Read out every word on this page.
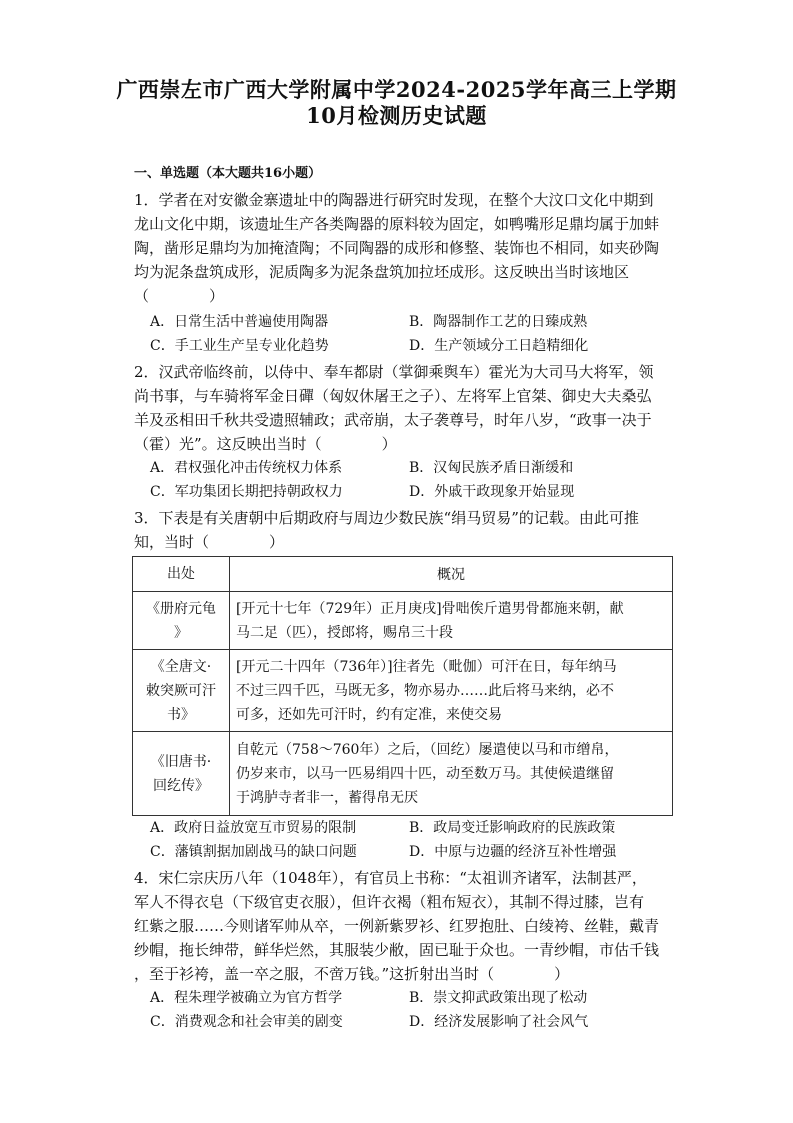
广西崇左市广西大学附属中学2024-2025学年高三上学期
10月检测历史试题
一、单选题（本大题共16小题）
1．学者在对安徽金寨遗址中的陶器进行研究时发现，在整个大汶口文化中期到
龙山文化中期，该遗址生产各类陶器的原料较为固定，如鸭嘴形足鼎均属于加蚌
陶，凿形足鼎均为加掩渣陶；不同陶器的成形和修整、装饰也不相同，如夹砂陶
均为泥条盘筑成形，泥质陶多为泥条盘筑加拉坯成形。这反映出当时该地区
（　　　　）
A．日常生活中普遍使用陶器	B．陶器制作工艺的日臻成熟
C．手工业生产呈专业化趋势	D．生产领域分工日趋精细化
2．汉武帝临终前，以侍中、奉车都尉（掌御乘舆车）霍光为大司马大将军，领
尚书事，与车骑将军金日磾（匈奴休屠王之子）、左将军上官桀、御史大夫桑弘
羊及丞相田千秋共受遗照辅政；武帝崩，太子袭尊号，时年八岁，“政事一决于
（霍）光”。这反映出当时（　　　　）
A．君权强化冲击传统权力体系	B．汉匈民族矛盾日渐缓和
C．军功集团长期把持朝政权力	D．外戚干政现象开始显现
3．下表是有关唐朝中后期政府与周边少数民族“绢马贸易”的记载。由此可推
知，当时（　　　　）
出处	概况

《册府元龟
》	[开元十七年（729年）正月庚戌]骨咄俟斤遣男骨都施来朝，献
马二足（匹），授郎将，赐帛三十段

《全唐文·
敕突厥可汗
书》	[开元二十四年（736年）]往者先（毗伽）可汗在日，每年纳马
不过三四千匹，马既无多，物亦易办……此后将马来纳，必不
可多，还如先可汗时，约有定准，来使交易

《旧唐书·
回纥传》	自乾元（758～760年）之后，（回纥）屡遣使以马和市缯帛，
仍岁来市，以马一匹易绢四十匹，动至数万马。其使候遣继留
于鸿胪寺者非一，蓄得帛无厌
A．政府日益放宽互市贸易的限制	B．政局变迁影响政府的民族政策
C．藩镇割据加剧战马的缺口问题	D．中原与边疆的经济互补性增强
4．宋仁宗庆历八年（1048年），有官员上书称：“太祖训齐诸军，法制甚严，
军人不得衣皂（下级官吏衣服），但许衣褐（粗布短衣），其制不得过膝，岂有
红紫之服……今则诸军帅从卒，一例新紫罗衫、红罗抱肚、白绫袴、丝鞋，戴青
纱帽，拖长绅带，鲜华烂然，其服装少敝，固已耻于众也。一青纱帽，市估千钱
，至于衫袴，盖一卒之服，不啻万钱。”这折射出当时（　　　　）
A．程朱理学被确立为官方哲学	B．崇文抑武政策出现了松动
C．消费观念和社会审美的剧变	D．经济发展影响了社会风气
